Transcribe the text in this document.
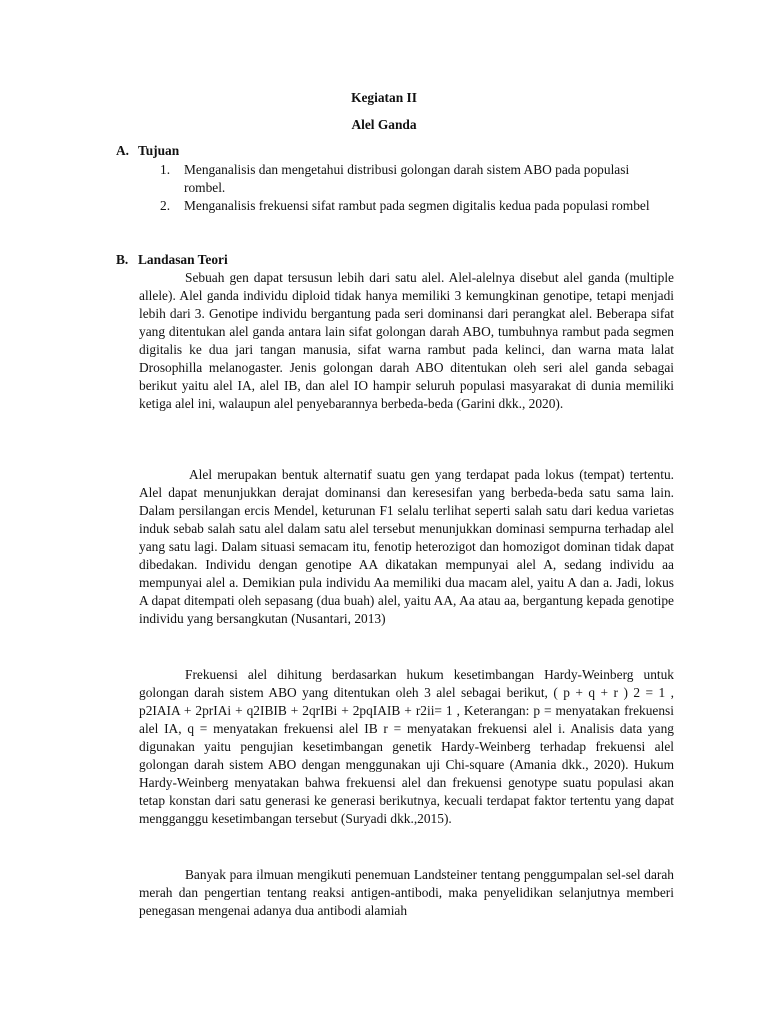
Kegiatan II
Alel Ganda
A. Tujuan
1. Menganalisis dan mengetahui distribusi golongan darah sistem ABO pada populasi rombel.
2. Menganalisis frekuensi sifat rambut pada segmen digitalis kedua pada populasi rombel
B. Landasan Teori

Sebuah gen dapat tersusun lebih dari satu alel. Alel-alelnya disebut alel ganda (multiple allele). Alel ganda individu diploid tidak hanya memiliki 3 kemungkinan genotipe, tetapi menjadi lebih dari 3. Genotipe individu bergantung pada seri dominansi dari perangkat alel. Beberapa sifat yang ditentukan alel ganda antara lain sifat golongan darah ABO, tumbuhnya rambut pada segmen digitalis ke dua jari tangan manusia, sifat warna rambut pada kelinci, dan warna mata lalat Drosophilla melanogaster. Jenis golongan darah ABO ditentukan oleh seri alel ganda sebagai berikut yaitu alel IA, alel IB, dan alel IO hampir seluruh populasi masyarakat di dunia memiliki ketiga alel ini, walaupun alel penyebarannya berbeda-beda (Garini dkk., 2020).

Alel merupakan bentuk alternatif suatu gen yang terdapat pada lokus (tempat) tertentu. Alel dapat menunjukkan derajat dominansi dan keresesifan yang berbeda-beda satu sama lain. Dalam persilangan ercis Mendel, keturunan F1 selalu terlihat seperti salah satu dari kedua varietas induk sebab salah satu alel dalam satu alel tersebut menunjukkan dominasi sempurna terhadap alel yang satu lagi. Dalam situasi semacam itu, fenotip heterozigot dan homozigot dominan tidak dapat dibedakan. Individu dengan genotipe AA dikatakan mempunyai alel A, sedang individu aa mempunyai alel a. Demikian pula individu Aa memiliki dua macam alel, yaitu A dan a. Jadi, lokus A dapat ditempati oleh sepasang (dua buah) alel, yaitu AA, Aa atau aa, bergantung kepada genotipe individu yang bersangkutan (Nusantari, 2013)

Frekuensi alel dihitung berdasarkan hukum kesetimbangan Hardy-Weinberg untuk golongan darah sistem ABO yang ditentukan oleh 3 alel sebagai berikut, ( p + q + r ) 2 = 1 , p2IAIA + 2prIAi + q2IBIB + 2qrIBi + 2pqIAIB + r2ii= 1 , Keterangan: p = menyatakan frekuensi alel IA, q = menyatakan frekuensi alel IB r = menyatakan frekuensi alel i. Analisis data yang digunakan yaitu pengujian kesetimbangan genetik Hardy-Weinberg terhadap frekuensi alel golongan darah sistem ABO dengan menggunakan uji Chi-square (Amania dkk., 2020). Hukum Hardy-Weinberg menyatakan bahwa frekuensi alel dan frekuensi genotype suatu populasi akan tetap konstan dari satu generasi ke generasi berikutnya, kecuali terdapat faktor tertentu yang dapat mengganggu kesetimbangan tersebut (Suryadi dkk.,2015).

Banyak para ilmuan mengikuti penemuan Landsteiner tentang penggumpalan sel-sel darah merah dan pengertian tentang reaksi antigen-antibodi, maka penyelidikan selanjutnya memberi penegasan mengenai adanya dua antibodi alamiah
